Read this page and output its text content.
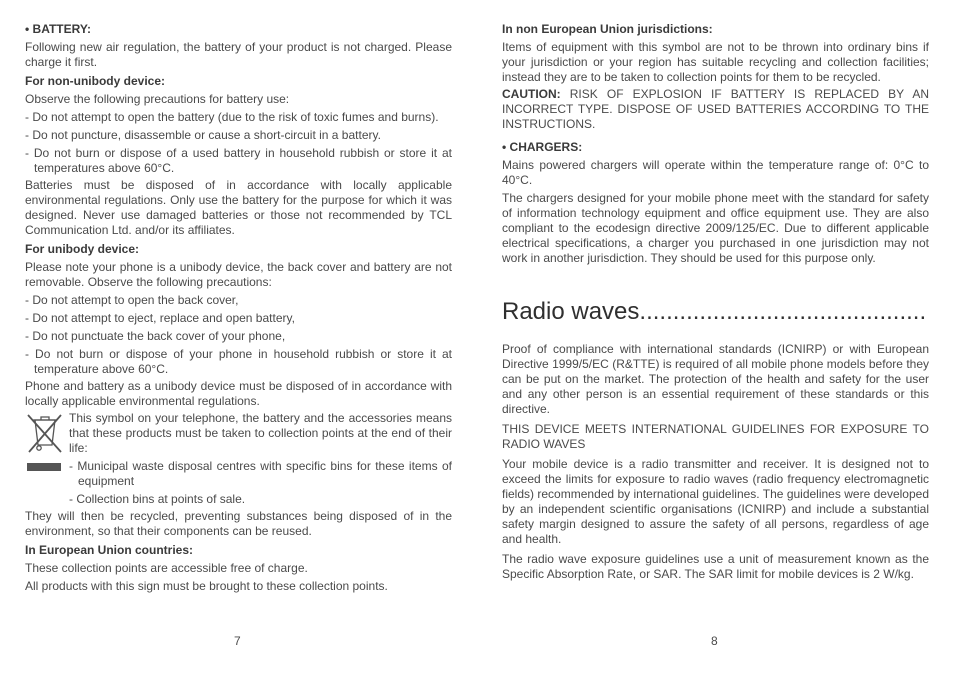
• BATTERY:

Following new air regulation, the battery of your product is not charged. Please charge it first.

For non-unibody device:

Observe the following precautions for battery use:

- Do not attempt to open the battery (due to the risk of toxic fumes and burns).

- Do not puncture, disassemble or cause a short-circuit in a battery.

- Do not burn or dispose of a used battery in household rubbish or store it at temperatures above 60°C.

Batteries must be disposed of in accordance with locally applicable environmental regulations. Only use the battery for the purpose for which it was designed. Never use damaged batteries or those not recommended by TCL Communication Ltd. and/or its affiliates.

For unibody device:

Please note your phone is a unibody device, the back cover and battery are not removable. Observe the following precautions:

- Do not attempt to open the back cover,

- Do not attempt to eject, replace and open battery,

- Do not punctuate the back cover of your phone,

- Do not burn or dispose of your phone in household rubbish or store it at temperature above 60°C.

Phone and battery as a unibody device must be disposed of in accordance with locally applicable environmental regulations.

This symbol on your telephone, the battery and the accessories means that these products must be taken to collection points at the end of their life:

- Municipal waste disposal centres with specific bins for these items of equipment

- Collection bins at points of sale.

They will then be recycled, preventing substances being disposed of in the environment, so that their components can be reused.

In European Union countries:

These collection points are accessible free of charge.

All products with this sign must be brought to these collection points.

7

In non European Union jurisdictions:

Items of equipment with this symbol are not to be thrown into ordinary bins if your jurisdiction or your region has suitable recycling and collection facilities; instead they are to be taken to collection points for them to be recycled.

CAUTION: RISK OF EXPLOSION IF BATTERY IS REPLACED BY AN INCORRECT TYPE. DISPOSE OF USED BATTERIES ACCORDING TO THE INSTRUCTIONS.

• CHARGERS:

Mains powered chargers will operate within the temperature range of: 0°C to 40°C.

The chargers designed for your mobile phone meet with the standard for safety of information technology equipment and office equipment use. They are also compliant to the ecodesign directive 2009/125/EC. Due to different applicable electrical specifications, a charger you purchased in one jurisdiction may not work in another jurisdiction. They should be used for this purpose only.

Radio waves...........................................

Proof of compliance with international standards (ICNIRP) or with European Directive 1999/5/EC (R&TTE) is required of all mobile phone models before they can be put on the market. The protection of the health and safety for the user and any other person is an essential requirement of these standards or this directive.

THIS DEVICE MEETS INTERNATIONAL GUIDELINES FOR EXPOSURE TO RADIO WAVES

Your mobile device is a radio transmitter and receiver. It is designed not to exceed the limits for exposure to radio waves (radio frequency electromagnetic fields) recommended by international guidelines. The guidelines were developed by an independent scientific organisations (ICNIRP) and include a substantial safety margin designed to assure the safety of all persons, regardless of age and health.

The radio wave exposure guidelines use a unit of measurement known as the Specific Absorption Rate, or SAR. The SAR limit for mobile devices is 2 W/kg.

8
